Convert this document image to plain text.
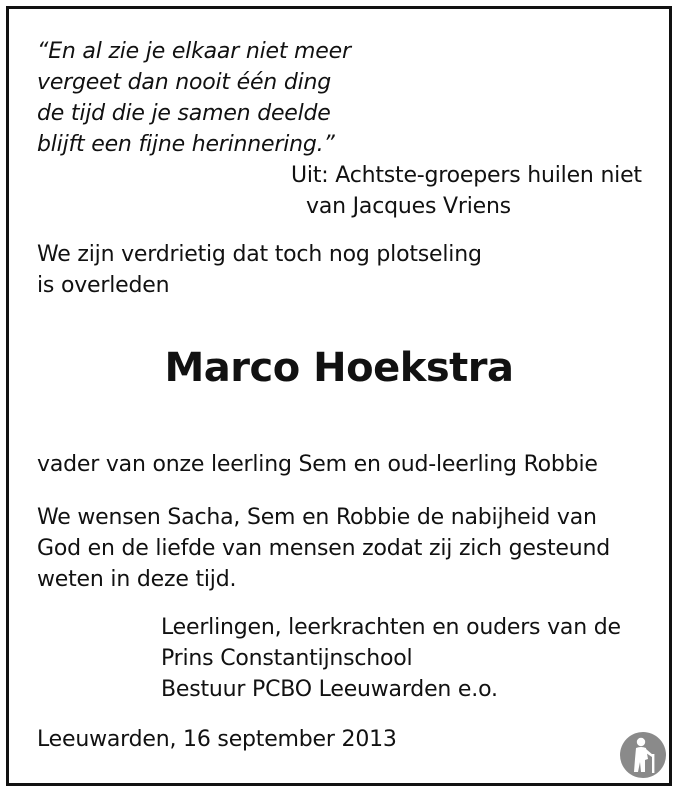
“En al zie je elkaar niet meer
vergeet dan nooit één ding
de tijd die je samen deelde
blijft een fijne herinnering.”
Uit: Achtste-groepers huilen niet
van Jacques Vriens
We zijn verdrietig dat toch nog plotseling
is overleden
Marco Hoekstra
vader van onze leerling Sem en oud-leerling Robbie
We wensen Sacha, Sem en Robbie de nabijheid van
God en de liefde van mensen zodat zij zich gesteund
weten in deze tijd.
Leerlingen, leerkrachten en ouders van de
Prins Constantijnschool
Bestuur PCBO Leeuwarden e.o.
Leeuwarden, 16 september 2013
